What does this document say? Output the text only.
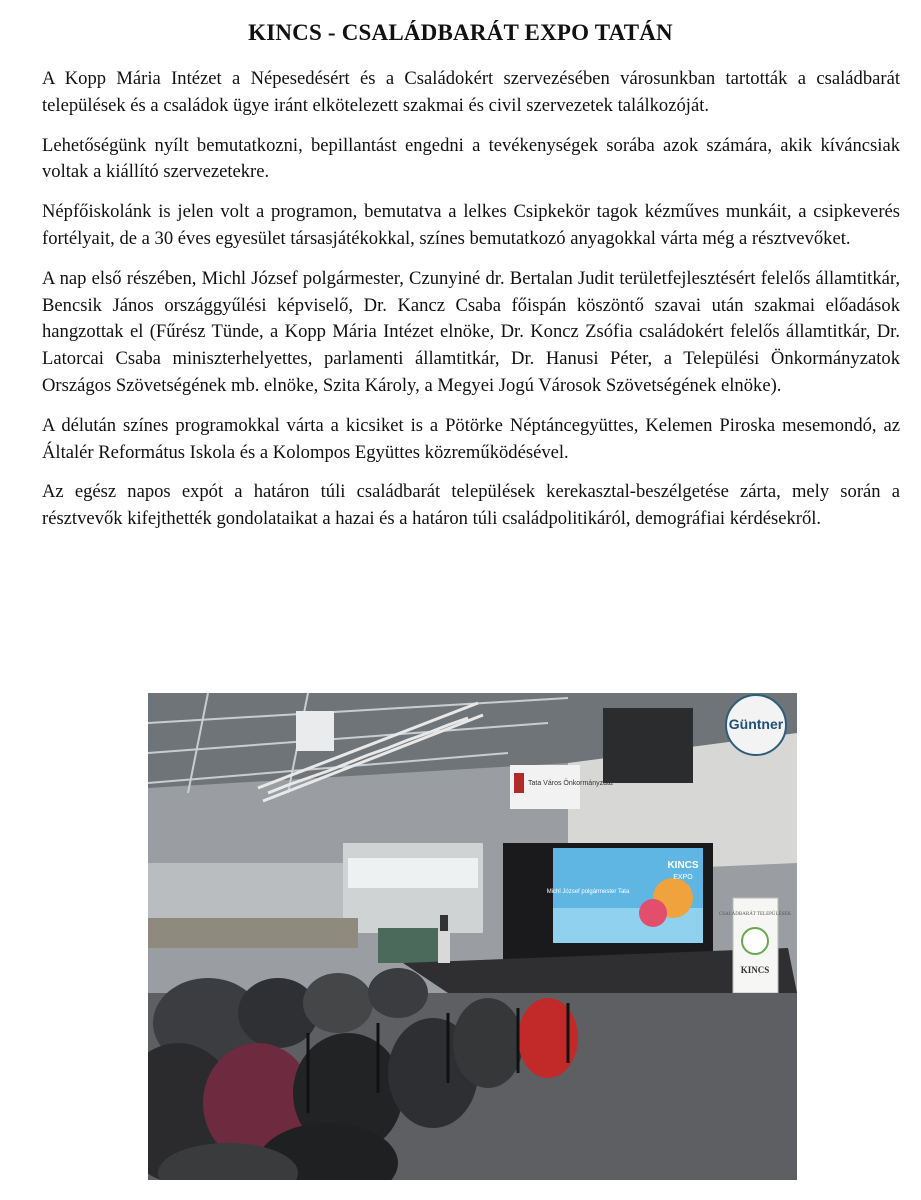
KINCS - CSALÁDBARÁT EXPO TATÁN

A Kopp Mária Intézet a Népesedésért és a Családokért szervezésében városunkban tartották a családbarát települések és a családok ügye iránt elkötelezett szakmai és civil szervezetek találkozóját.

Lehetőségünk nyílt bemutatkozni, bepillantást engedni a tevékenységek sorába azok számára, akik kíváncsiak voltak a kiállító szervezetekre.

Népfőiskolánk is jelen volt a programon, bemutatva a lelkes Csipkekör tagok kézműves munkáit, a csipkeverés fortélyait, de a 30 éves egyesület társasjátékokkal, színes bemutatkozó anyagokkal várta még a résztvevőket.

A nap első részében, Michl József polgármester, Czunyiné dr. Bertalan Judit területfejlesztésért felelős államtitkár, Bencsik János országgyűlési képviselő, Dr. Kancz Csaba főispán köszöntő szavai után szakmai előadások hangzottak el (Fűrész Tünde, a Kopp Mária Intézet elnöke, Dr. Koncz Zsófia családokért felelős államtitkár, Dr. Latorcai Csaba miniszterhelyettes, parlamenti államtitkár, Dr. Hanusi Péter, a Települési Önkormányzatok Országos Szövetségének mb. elnöke, Szita Károly, a Megyei Jogú Városok Szövetségének elnöke).

A délután színes programokkal várta a kicsiket is a Pötörke Néptáncegyüttes, Kelemen Piroska mesemondó, az Általér Református Iskola és a Kolompos Együttes közreműködésével.

Az egész napos expót a határon túli családbarát települések kerekasztal-beszélgetése zárta, mely során a résztvevők kifejthették gondolataikat a hazai és a határon túli családpolitikáról, demográfiai kérdésekről.

Güntner
Tata Város Önkormányzata
KINCS
EXPO
Michl József polgármester Tata
CSALÁDBARÁT TELEPÜLÉSEK
KINCS
